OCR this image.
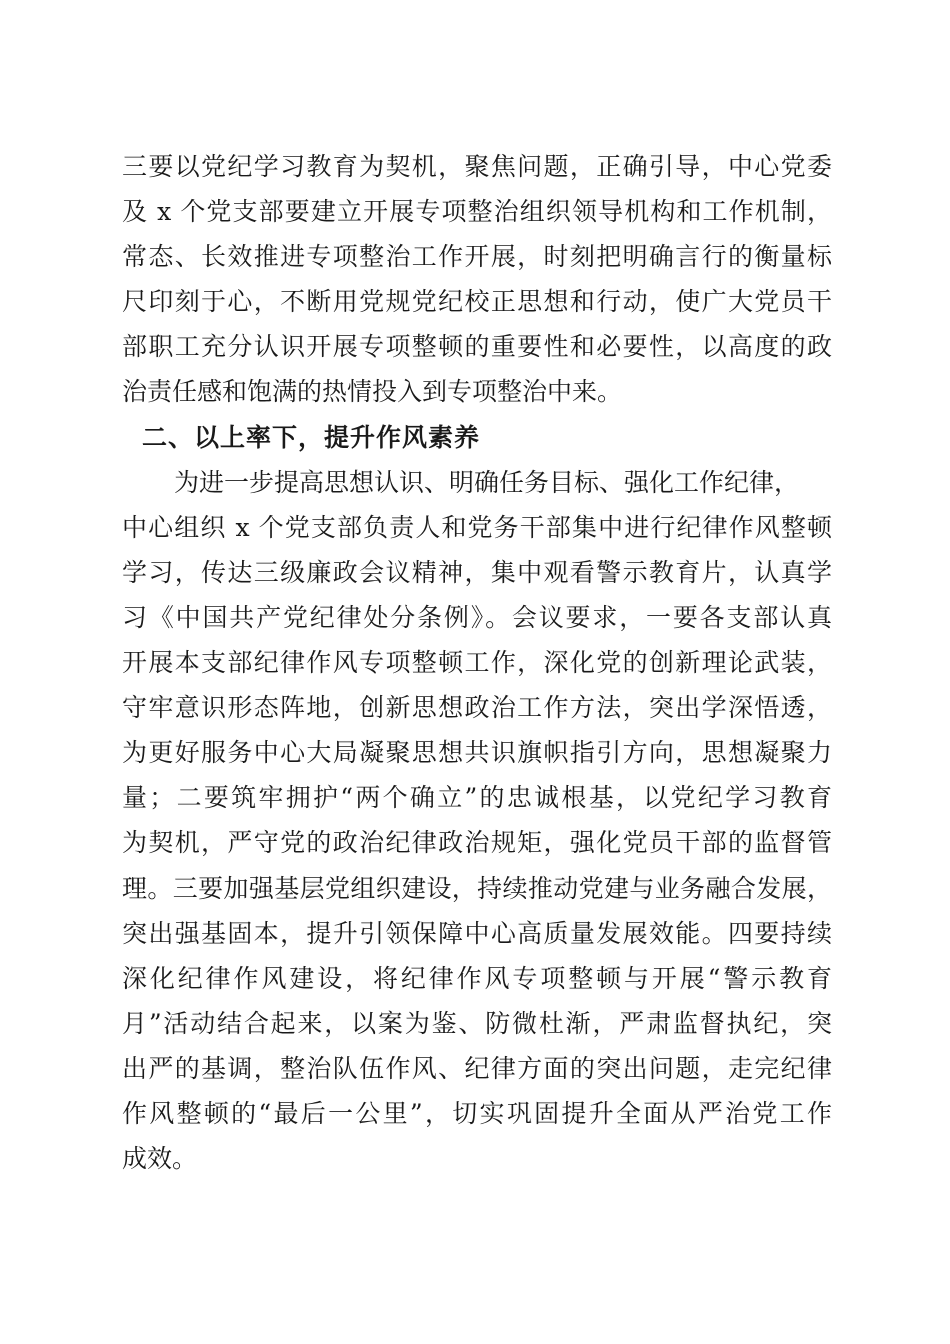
三要以党纪学习教育为契机，聚焦问题，正确引导，中心党委
及 x 个党支部要建立开展专项整治组织领导机构和工作机制，
常态、长效推进专项整治工作开展，时刻把明确言行的衡量标
尺印刻于心，不断用党规党纪校正思想和行动，使广大党员干
部职工充分认识开展专项整顿的重要性和必要性，以高度的政
治责任感和饱满的热情投入到专项整治中来。
二、以上率下，提升作风素养
为进一步提高思想认识、明确任务目标、强化工作纪律，
中心组织 x 个党支部负责人和党务干部集中进行纪律作风整顿
学习，传达三级廉政会议精神，集中观看警示教育片，认真学
习《中国共产党纪律处分条例》。会议要求，一要各支部认真
开展本支部纪律作风专项整顿工作，深化党的创新理论武装，
守牢意识形态阵地，创新思想政治工作方法，突出学深悟透，
为更好服务中心大局凝聚思想共识旗帜指引方向，思想凝聚力
量；二要筑牢拥护“两个确立”的忠诚根基，以党纪学习教育
为契机，严守党的政治纪律政治规矩，强化党员干部的监督管
理。三要加强基层党组织建设，持续推动党建与业务融合发展，
突出强基固本，提升引领保障中心高质量发展效能。四要持续
深化纪律作风建设，将纪律作风专项整顿与开展“警示教育
月”活动结合起来，以案为鉴、防微杜渐，严肃监督执纪，突
出严的基调，整治队伍作风、纪律方面的突出问题，走完纪律
作风整顿的“最后一公里”，切实巩固提升全面从严治党工作
成效。
